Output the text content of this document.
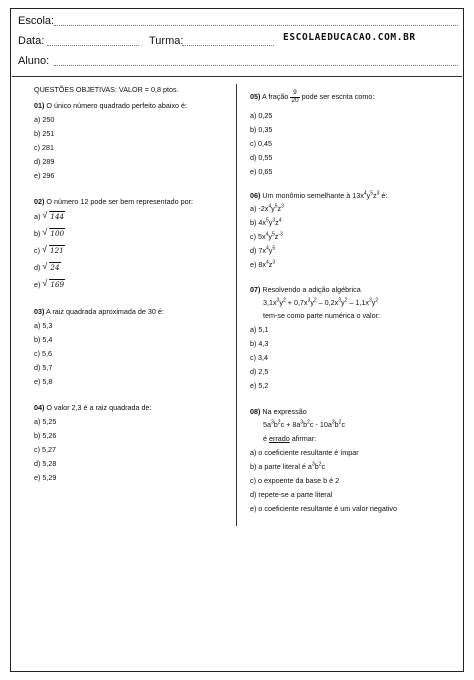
Escola:
Data:	Turma:	ESCOLAEDUCACAO.COM.BR
Aluno:
QUESTÕES OBJETIVAS: VALOR = 0,8 ptos.
01) O único número quadrado perfeito abaixo é:
a) 250
b) 251
c) 281
d) 289
e) 296
02) O número 12 pode ser bem representado por:
a) √ 144
b) √ 100
c) √ 121
d) √ 24
e) √ 169
03) A raiz quadrada aproximada de 30 é:
a) 5,3
b) 5,4
c) 5,6
d) 5,7
e) 5,8
04) O valor 2,3 é a raiz quadrada de:
a) 5,25
b) 5,26
c) 5,27
d) 5,28
e) 5,29
05) A fração $\frac{9}{20}$ pode ser escrita como:
a) 0,25
b) 0,35
c) 0,45
d) 0,55
e) 0,65
06) Um monômio semelhante à $13x^4y^5z^3$ é:
a) $-2x^4y^5z^3$
b) $4x^5y^3z^4$
c) $5x^4y^5z^{-3}$
d) $7x^4y^5$
e) $8x^4z^3$
07) Resolvendo a adição algébrica
$3,1x^3y^2 + 0,7x^3y^2 - 0,2x^3y^2 - 1,1x^3y^2$
tem-se como parte numérica o valor:
a) 5,1
b) 4,3
c) 3,4
d) 2,5
e) 5,2
08) Na expressão
$5a^3b^2c + 8a^3b^2c - 10a^3b^2c$
é errado afirmar:
a) o coeficiente resultante é ímpar
b) a parte literal é $a^3b^2c$
c) o expoente da base b é 2
d) repete-se a parte literal
e) o coeficiente resultante é um valor negativo
